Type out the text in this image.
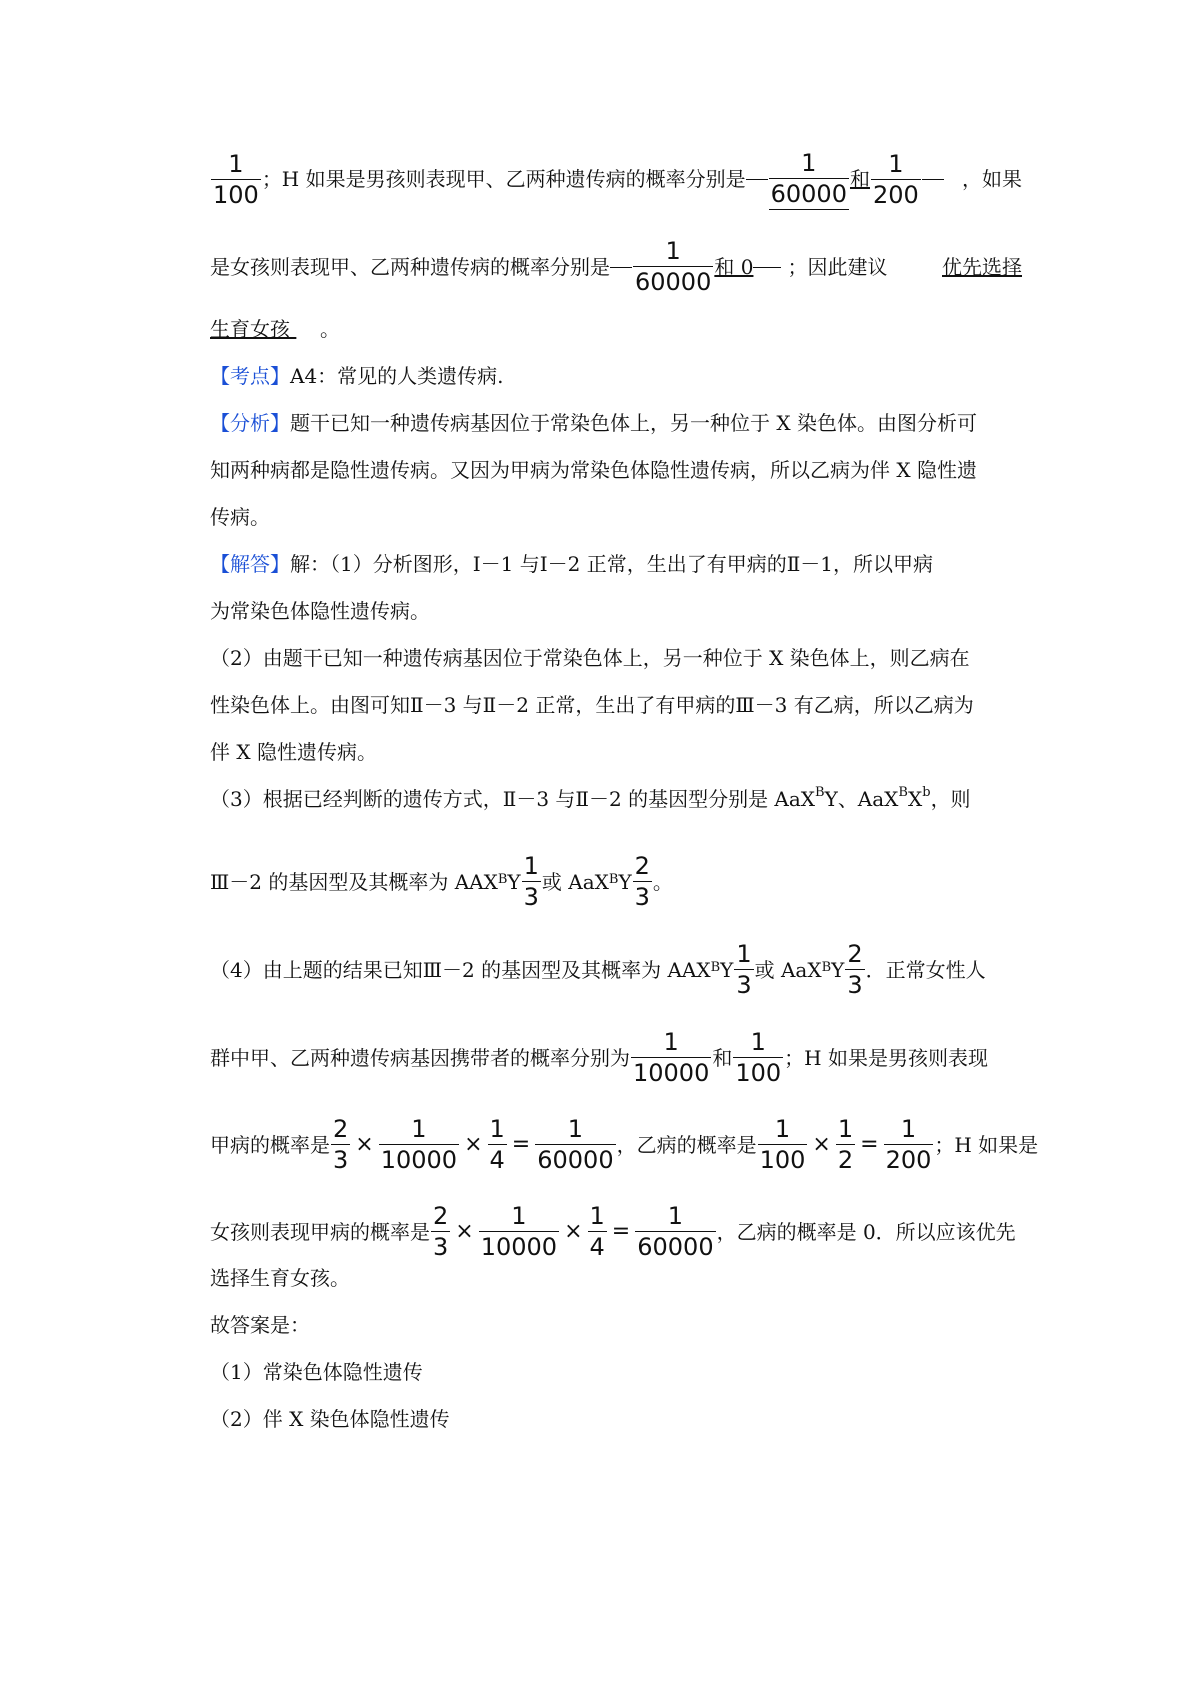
$\frac{1}{100}$ ；H 如果是男孩则表现甲、乙两种遗传病的概率分别是 $\frac{1}{60000}$ 和 $\frac{1}{200}$ ，如果
是女孩则表现甲、乙两种遗传病的概率分别是 $\frac{1}{60000}$ 和 0 ；因此建议	优先选择
生育女孩 。
【考点】A4：常见的人类遗传病.
【分析】题干已知一种遗传病基因位于常染色体上，另一种位于 X 染色体。由图分析可
知两种病都是隐性遗传病。又因为甲病为常染色体隐性遗传病，所以乙病为伴 X 隐性遗
传病。
【解答】解：（1）分析图形，Ⅰ－1 与Ⅰ－2 正常，生出了有甲病的Ⅱ－1，所以甲病
为常染色体隐性遗传病。
（2）由题干已知一种遗传病基因位于常染色体上，另一种位于 X 染色体上，则乙病在
性染色体上。由图可知Ⅱ－3 与Ⅱ－2 正常，生出了有甲病的Ⅲ－3 有乙病，所以乙病为
伴 X 隐性遗传病。
（3）根据已经判断的遗传方式，Ⅱ－3 与Ⅱ－2 的基因型分别是 AaX$^B$Y、$AaX^BX^b$，则
Ⅲ－2 的基因型及其概率为 $AAX^B$ Y $\frac{1}{3}$ 或 AaX$^B$ Y $\frac{2}{3}$ 。
（4）由上题的结果已知Ⅲ－2 的基因型及其概率为 $AAX^B$ Y $\frac{1}{3}$ 或 AaX$^B$ Y $\frac{2}{3}$ ．正常女性人
群中甲、乙两种遗传病基因携带者的概率分别为 $\frac{1}{10000}$ 和 $\frac{1}{100}$ ；H 如果是男孩则表现
甲病的概率是 $\frac{2}{3} \times \frac{1}{10000} \times \frac{1}{4} = \frac{1}{60000}$ ，乙病的概率是 $\frac{1}{100} \times \frac{1}{2} = \frac{1}{200}$ ；H 如果是
女孩则表现甲病的概率是 $\frac{2}{3} \times \frac{1}{10000} \times \frac{1}{4} = \frac{1}{60000}$ ，乙病的概率是 0．所以应该优先
选择生育女孩。
故答案是：
（1）常染色体隐性遗传
（2）伴 X 染色体隐性遗传
